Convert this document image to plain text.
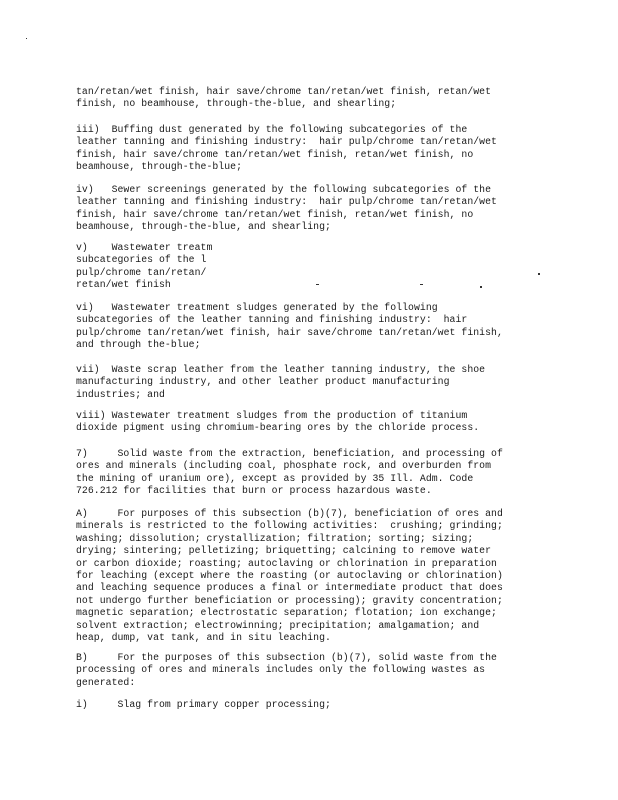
tan/retan/wet finish, hair save/chrome tan/retan/wet finish, retan/wet
finish, no beamhouse, through-the-blue, and shearling;

iii)  Buffing dust generated by the following subcategories of the
leather tanning and finishing industry:  hair pulp/chrome tan/retan/wet
finish, hair save/chrome tan/retan/wet finish, retan/wet finish, no
beamhouse, through-the-blue;

iv)   Sewer screenings generated by the following subcategories of the
leather tanning and finishing industry:  hair pulp/chrome tan/retan/wet
finish, hair save/chrome tan/retan/wet finish, retan/wet finish, no
beamhouse, through-the-blue, and shearling;

v)    Wastewater treatm
subcategories of the l
pulp/chrome tan/retan/
retan/wet finish

vi)   Wastewater treatment sludges generated by the following
subcategories of the leather tanning and finishing industry:  hair
pulp/chrome tan/retan/wet finish, hair save/chrome tan/retan/wet finish,
and through the-blue;

vii)  Waste scrap leather from the leather tanning industry, the shoe
manufacturing industry, and other leather product manufacturing
industries; and

viii) Wastewater treatment sludges from the production of titanium
dioxide pigment using chromium-bearing ores by the chloride process.

7)     Solid waste from the extraction, beneficiation, and processing of
ores and minerals (including coal, phosphate rock, and overburden from
the mining of uranium ore), except as provided by 35 Ill. Adm. Code
726.212 for facilities that burn or process hazardous waste.

A)     For purposes of this subsection (b)(7), beneficiation of ores and
minerals is restricted to the following activities:  crushing; grinding;
washing; dissolution; crystallization; filtration; sorting; sizing;
drying; sintering; pelletizing; briquetting; calcining to remove water
or carbon dioxide; roasting; autoclaving or chlorination in preparation
for leaching (except where the roasting (or autoclaving or chlorination)
and leaching sequence produces a final or intermediate product that does
not undergo further beneficiation or processing); gravity concentration;
magnetic separation; electrostatic separation; flotation; ion exchange;
solvent extraction; electrowinning; precipitation; amalgamation; and
heap, dump, vat tank, and in situ leaching.

B)     For the purposes of this subsection (b)(7), solid waste from the
processing of ores and minerals includes only the following wastes as
generated:

i)     Slag from primary copper processing;
